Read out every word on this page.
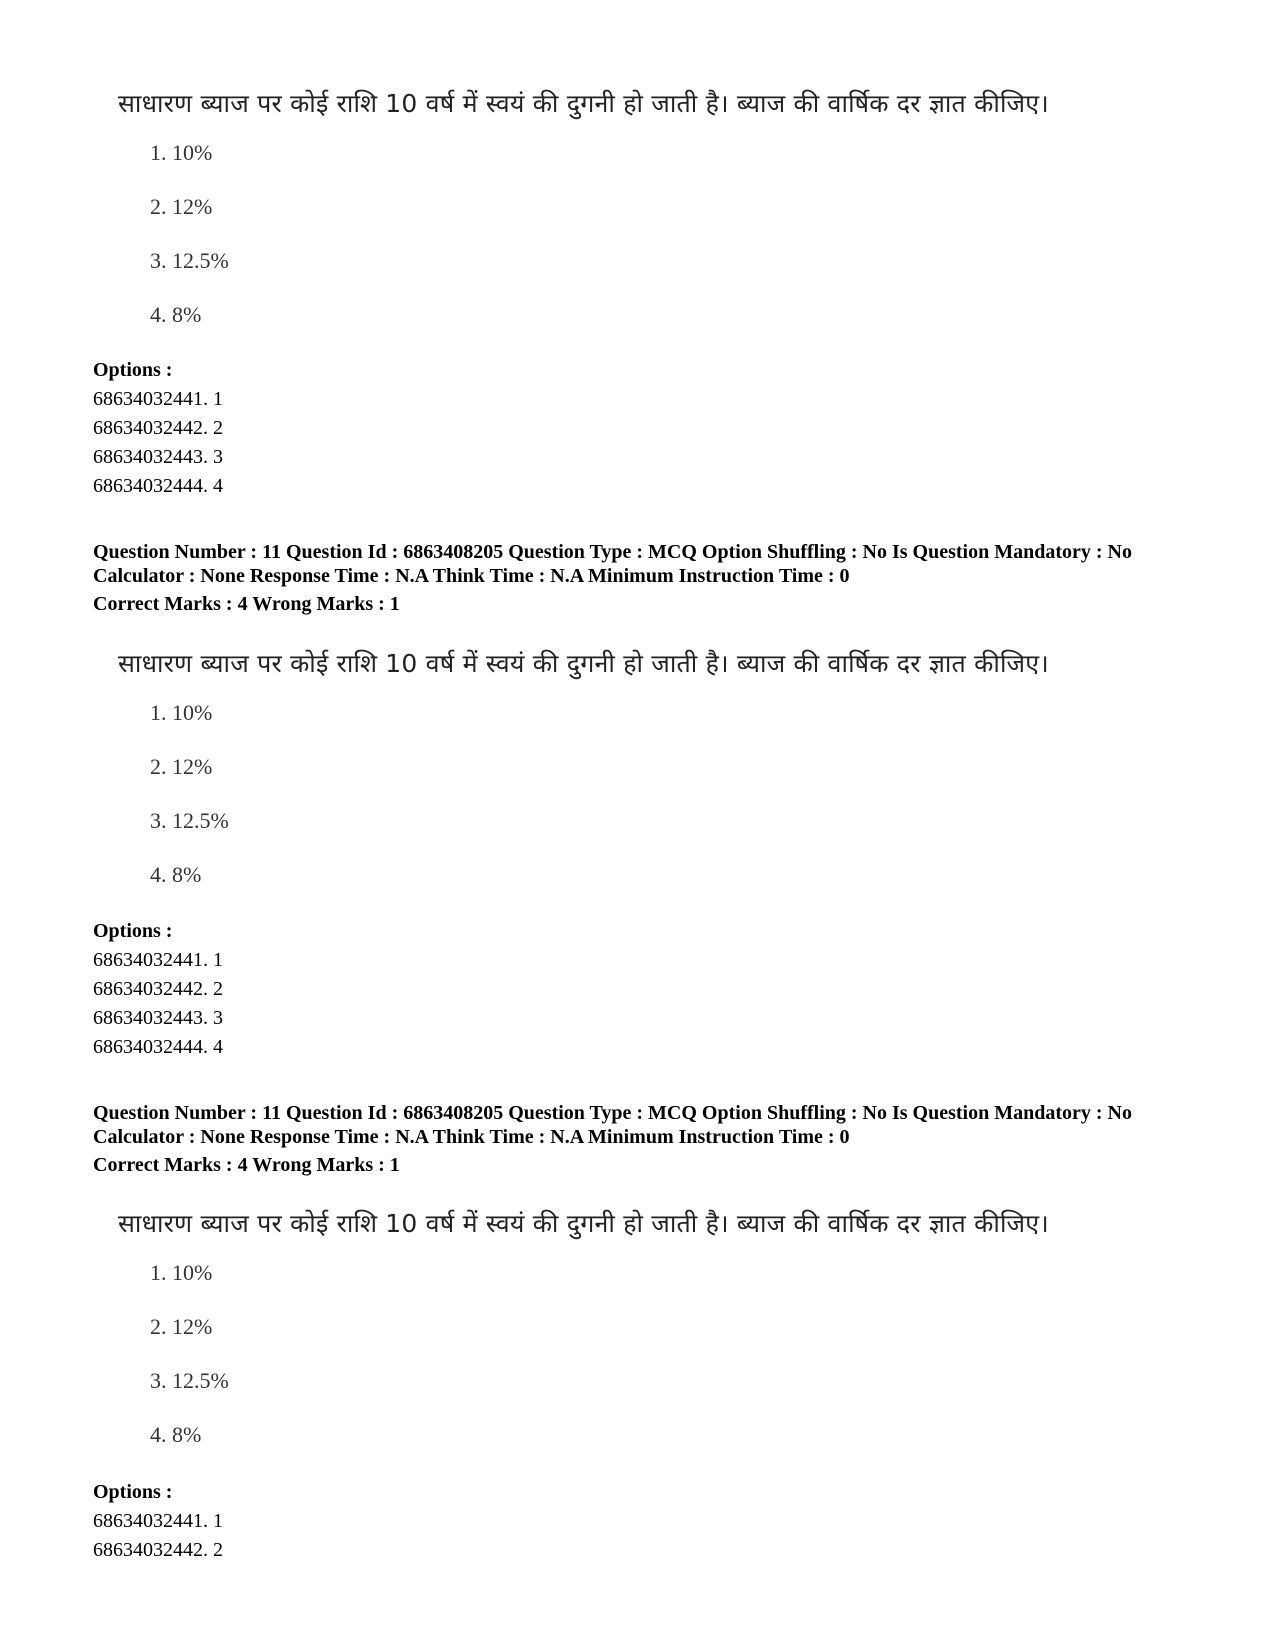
साधारण ब्याज पर कोई राशि 10 वर्ष में स्वयं की दुगनी हो जाती है। ब्याज की वार्षिक दर ज्ञात कीजिए।
1. 10%
2. 12%
3. 12.5%
4. 8%
Options :
68634032441. 1
68634032442. 2
68634032443. 3
68634032444. 4
Question Number : 11 Question Id : 6863408205 Question Type : MCQ Option Shuffling : No Is Question Mandatory : No Calculator : None Response Time : N.A Think Time : N.A Minimum Instruction Time : 0
Correct Marks : 4 Wrong Marks : 1
साधारण ब्याज पर कोई राशि 10 वर्ष में स्वयं की दुगनी हो जाती है। ब्याज की वार्षिक दर ज्ञात कीजिए।
1. 10%
2. 12%
3. 12.5%
4. 8%
Options :
68634032441. 1
68634032442. 2
68634032443. 3
68634032444. 4
Question Number : 11 Question Id : 6863408205 Question Type : MCQ Option Shuffling : No Is Question Mandatory : No Calculator : None Response Time : N.A Think Time : N.A Minimum Instruction Time : 0
Correct Marks : 4 Wrong Marks : 1
साधारण ब्याज पर कोई राशि 10 वर्ष में स्वयं की दुगनी हो जाती है। ब्याज की वार्षिक दर ज्ञात कीजिए।
1. 10%
2. 12%
3. 12.5%
4. 8%
Options :
68634032441. 1
68634032442. 2
